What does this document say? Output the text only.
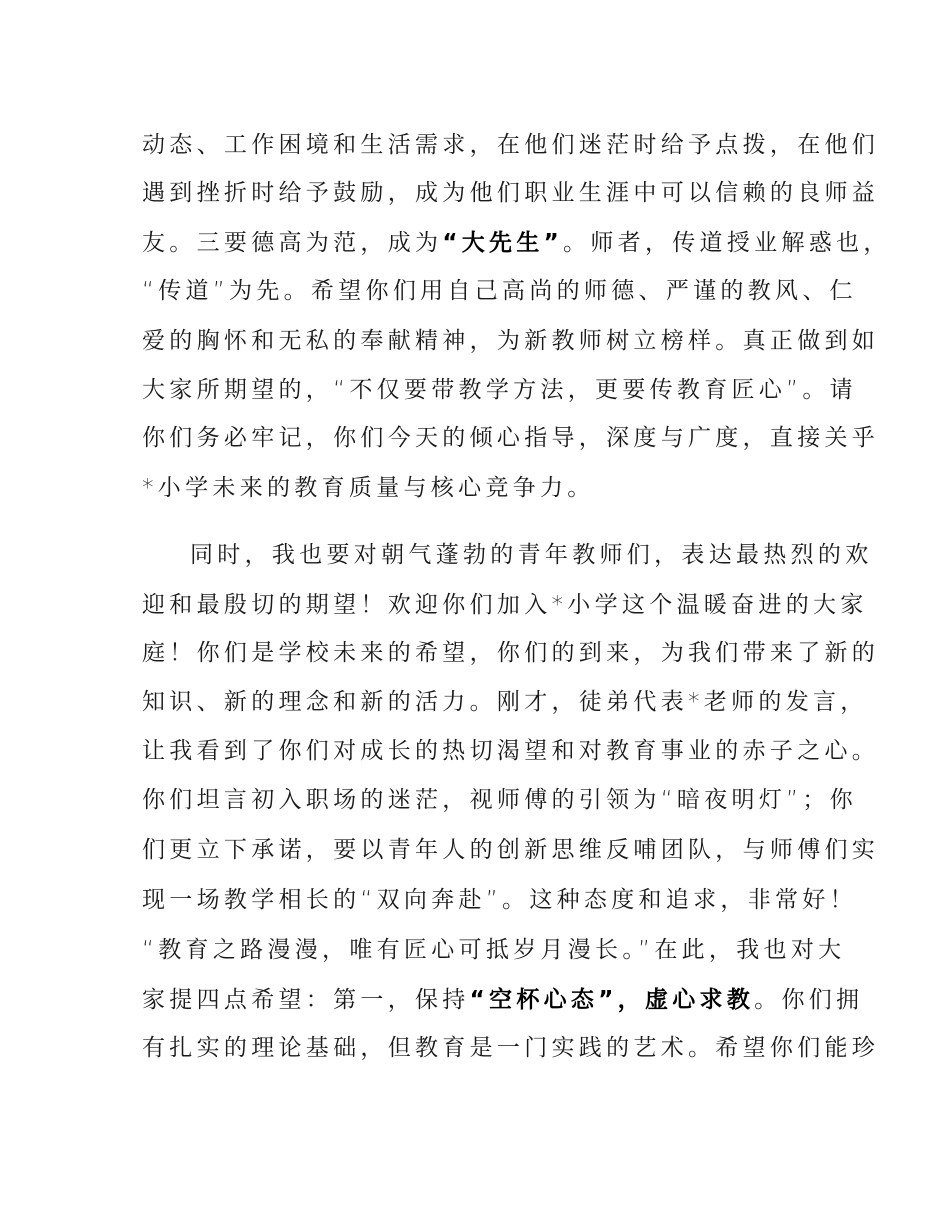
动态、工作困境和生活需求，在他们迷茫时给予点拨，在他们
遇到挫折时给予鼓励，成为他们职业生涯中可以信赖的良师益
友。三要德高为范，成为“大先生”。师者，传道授业解惑也，
“传道”为先。希望你们用自己高尚的师德、严谨的教风、仁
爱的胸怀和无私的奉献精神，为新教师树立榜样。真正做到如
大家所期望的，“不仅要带教学方法，更要传教育匠心”。请
你们务必牢记，你们今天的倾心指导，深度与广度，直接关乎
*小学未来的教育质量与核心竞争力。
同时，我也要对朝气蓬勃的青年教师们，表达最热烈的欢
迎和最殷切的期望！欢迎你们加入*小学这个温暖奋进的大家
庭！你们是学校未来的希望，你们的到来，为我们带来了新的
知识、新的理念和新的活力。刚才，徒弟代表*老师的发言，
让我看到了你们对成长的热切渴望和对教育事业的赤子之心。
你们坦言初入职场的迷茫，视师傅的引领为“暗夜明灯”；你
们更立下承诺，要以青年人的创新思维反哺团队，与师傅们实
现一场教学相长的“双向奔赴”。这种态度和追求，非常好！
“教育之路漫漫，唯有匠心可抵岁月漫长。”在此，我也对大
家提四点希望：第一，保持“空杯心态”，虚心求教。你们拥
有扎实的理论基础，但教育是一门实践的艺术。希望你们能珍
